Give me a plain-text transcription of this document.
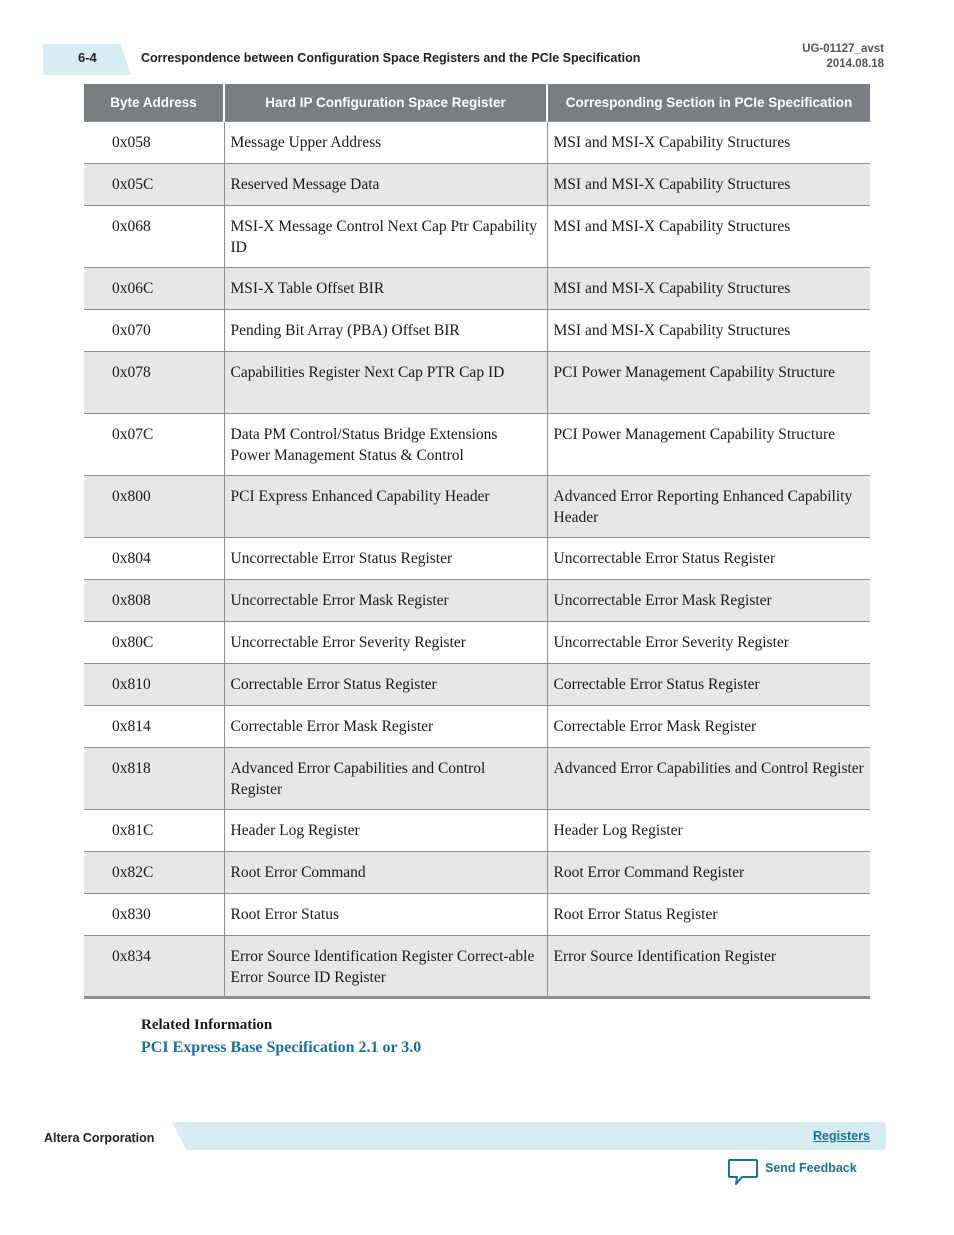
6-4	Correspondence between Configuration Space Registers and the PCIe Specification
UG-01127_avst
2014.08.18
Byte Address	Hard IP Configuration Space Register	Corresponding Section in PCIe Specification
0x058	Message Upper Address	MSI and MSI-X Capability Structures
0x05C	Reserved Message Data	MSI and MSI-X Capability Structures
0x068	MSI-X Message Control Next Cap Ptr Capability ID	MSI and MSI-X Capability Structures
0x06C	MSI-X Table Offset BIR	MSI and MSI-X Capability Structures
0x070	Pending Bit Array (PBA) Offset BIR	MSI and MSI-X Capability Structures
0x078	Capabilities Register Next Cap PTR Cap ID	PCI Power Management Capability Structure
0x07C	Data PM Control/Status Bridge Extensions Power Management Status & Control	PCI Power Management Capability Structure
0x800	PCI Express Enhanced Capability Header	Advanced Error Reporting Enhanced Capability Header
0x804	Uncorrectable Error Status Register	Uncorrectable Error Status Register
0x808	Uncorrectable Error Mask Register	Uncorrectable Error Mask Register
0x80C	Uncorrectable Error Severity Register	Uncorrectable Error Severity Register
0x810	Correctable Error Status Register	Correctable Error Status Register
0x814	Correctable Error Mask Register	Correctable Error Mask Register
0x818	Advanced Error Capabilities and Control Register	Advanced Error Capabilities and Control Register
0x81C	Header Log Register	Header Log Register
0x82C	Root Error Command	Root Error Command Register
0x830	Root Error Status	Root Error Status Register
0x834	Error Source Identification Register Correct-able Error Source ID Register	Error Source Identification Register
Related Information
PCI Express Base Specification 2.1 or 3.0
Altera Corporation	Registers
Send Feedback
